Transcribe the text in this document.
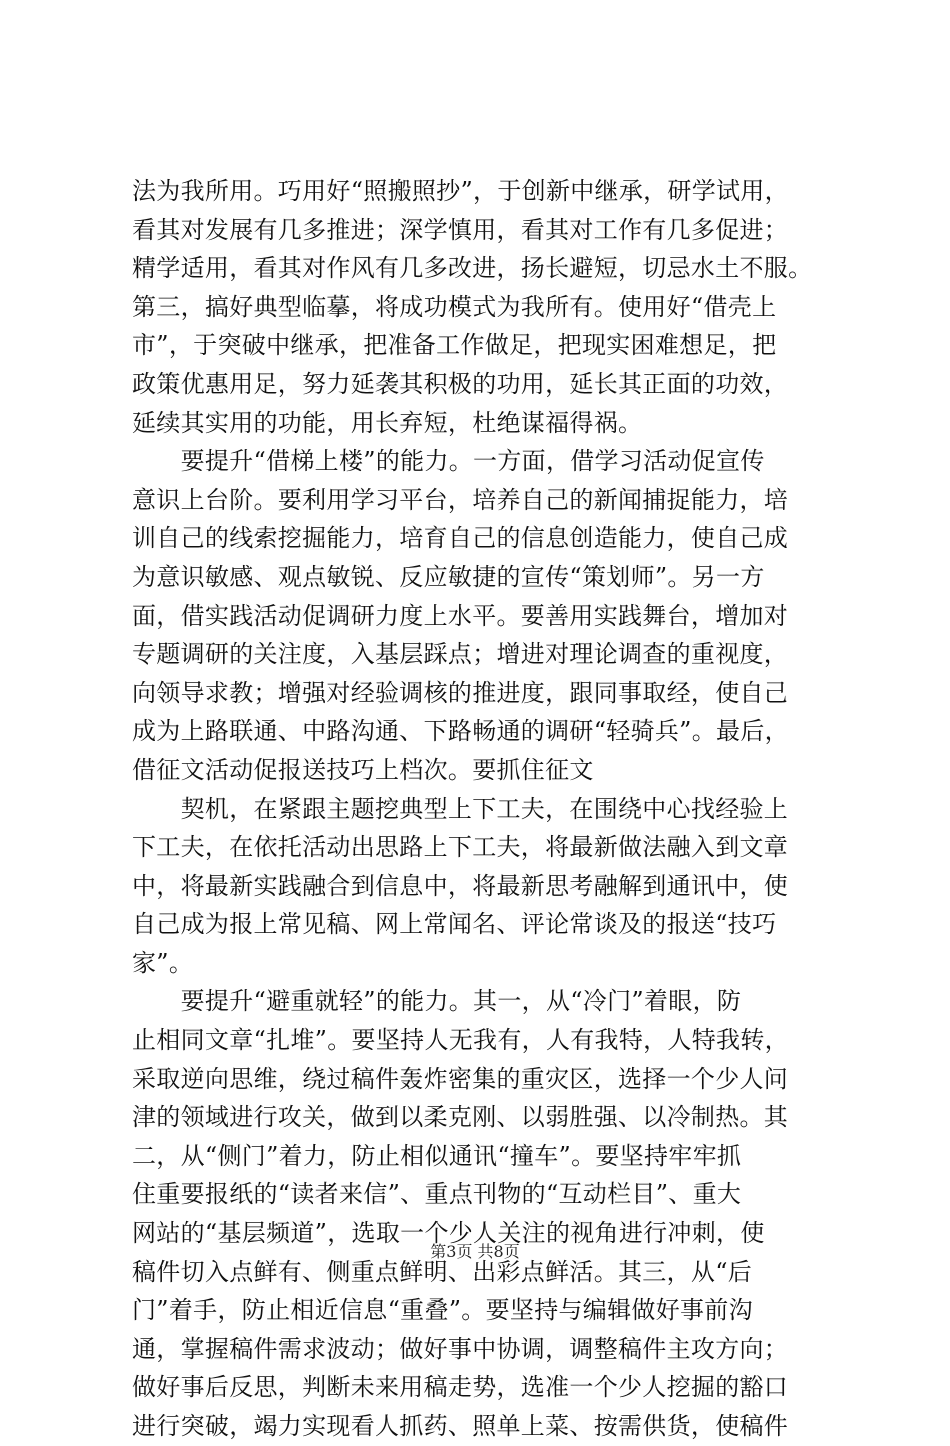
法为我所用。巧用好“照搬照抄”，于创新中继承，研学试用，
看其对发展有几多推进；深学慎用，看其对工作有几多促进；
精学适用，看其对作风有几多改进，扬长避短，切忌水土不服。
第三，搞好典型临摹，将成功模式为我所有。使用好“借壳上
市”，于突破中继承，把准备工作做足，把现实困难想足，把
政策优惠用足，努力延袭其积极的功用，延长其正面的功效，
延续其实用的功能，用长弃短，杜绝谋福得祸。
　　要提升“借梯上楼”的能力。一方面，借学习活动促宣传
意识上台阶。要利用学习平台，培养自己的新闻捕捉能力，培
训自己的线索挖掘能力，培育自己的信息创造能力，使自己成
为意识敏感、观点敏锐、反应敏捷的宣传“策划师”。另一方
面，借实践活动促调研力度上水平。要善用实践舞台，增加对
专题调研的关注度，入基层踩点；增进对理论调查的重视度，
向领导求教；增强对经验调核的推进度，跟同事取经，使自己
成为上路联通、中路沟通、下路畅通的调研“轻骑兵”。最后，
借征文活动促报送技巧上档次。要抓住征文
　　契机，在紧跟主题挖典型上下工夫，在围绕中心找经验上
下工夫，在依托活动出思路上下工夫，将最新做法融入到文章
中，将最新实践融合到信息中，将最新思考融解到通讯中，使
自己成为报上常见稿、网上常闻名、评论常谈及的报送“技巧
家”。
　　要提升“避重就轻”的能力。其一，从“冷门”着眼，防
止相同文章“扎堆”。要坚持人无我有，人有我特，人特我转，
采取逆向思维，绕过稿件轰炸密集的重灾区，选择一个少人问
津的领域进行攻关，做到以柔克刚、以弱胜强、以冷制热。其
二，从“侧门”着力，防止相似通讯“撞车”。要坚持牢牢抓
住重要报纸的“读者来信”、重点刊物的“互动栏目”、重大
网站的“基层频道”，选取一个少人关注的视角进行冲刺，使
稿件切入点鲜有、侧重点鲜明、出彩点鲜活。其三，从“后
门”着手，防止相近信息“重叠”。要坚持与编辑做好事前沟
通，掌握稿件需求波动；做好事中协调，调整稿件主攻方向；
做好事后反思，判断未来用稿走势，选准一个少人挖掘的豁口
进行突破，竭力实现看人抓药、照单上菜、按需供货，使稿件
第3页 共8页
